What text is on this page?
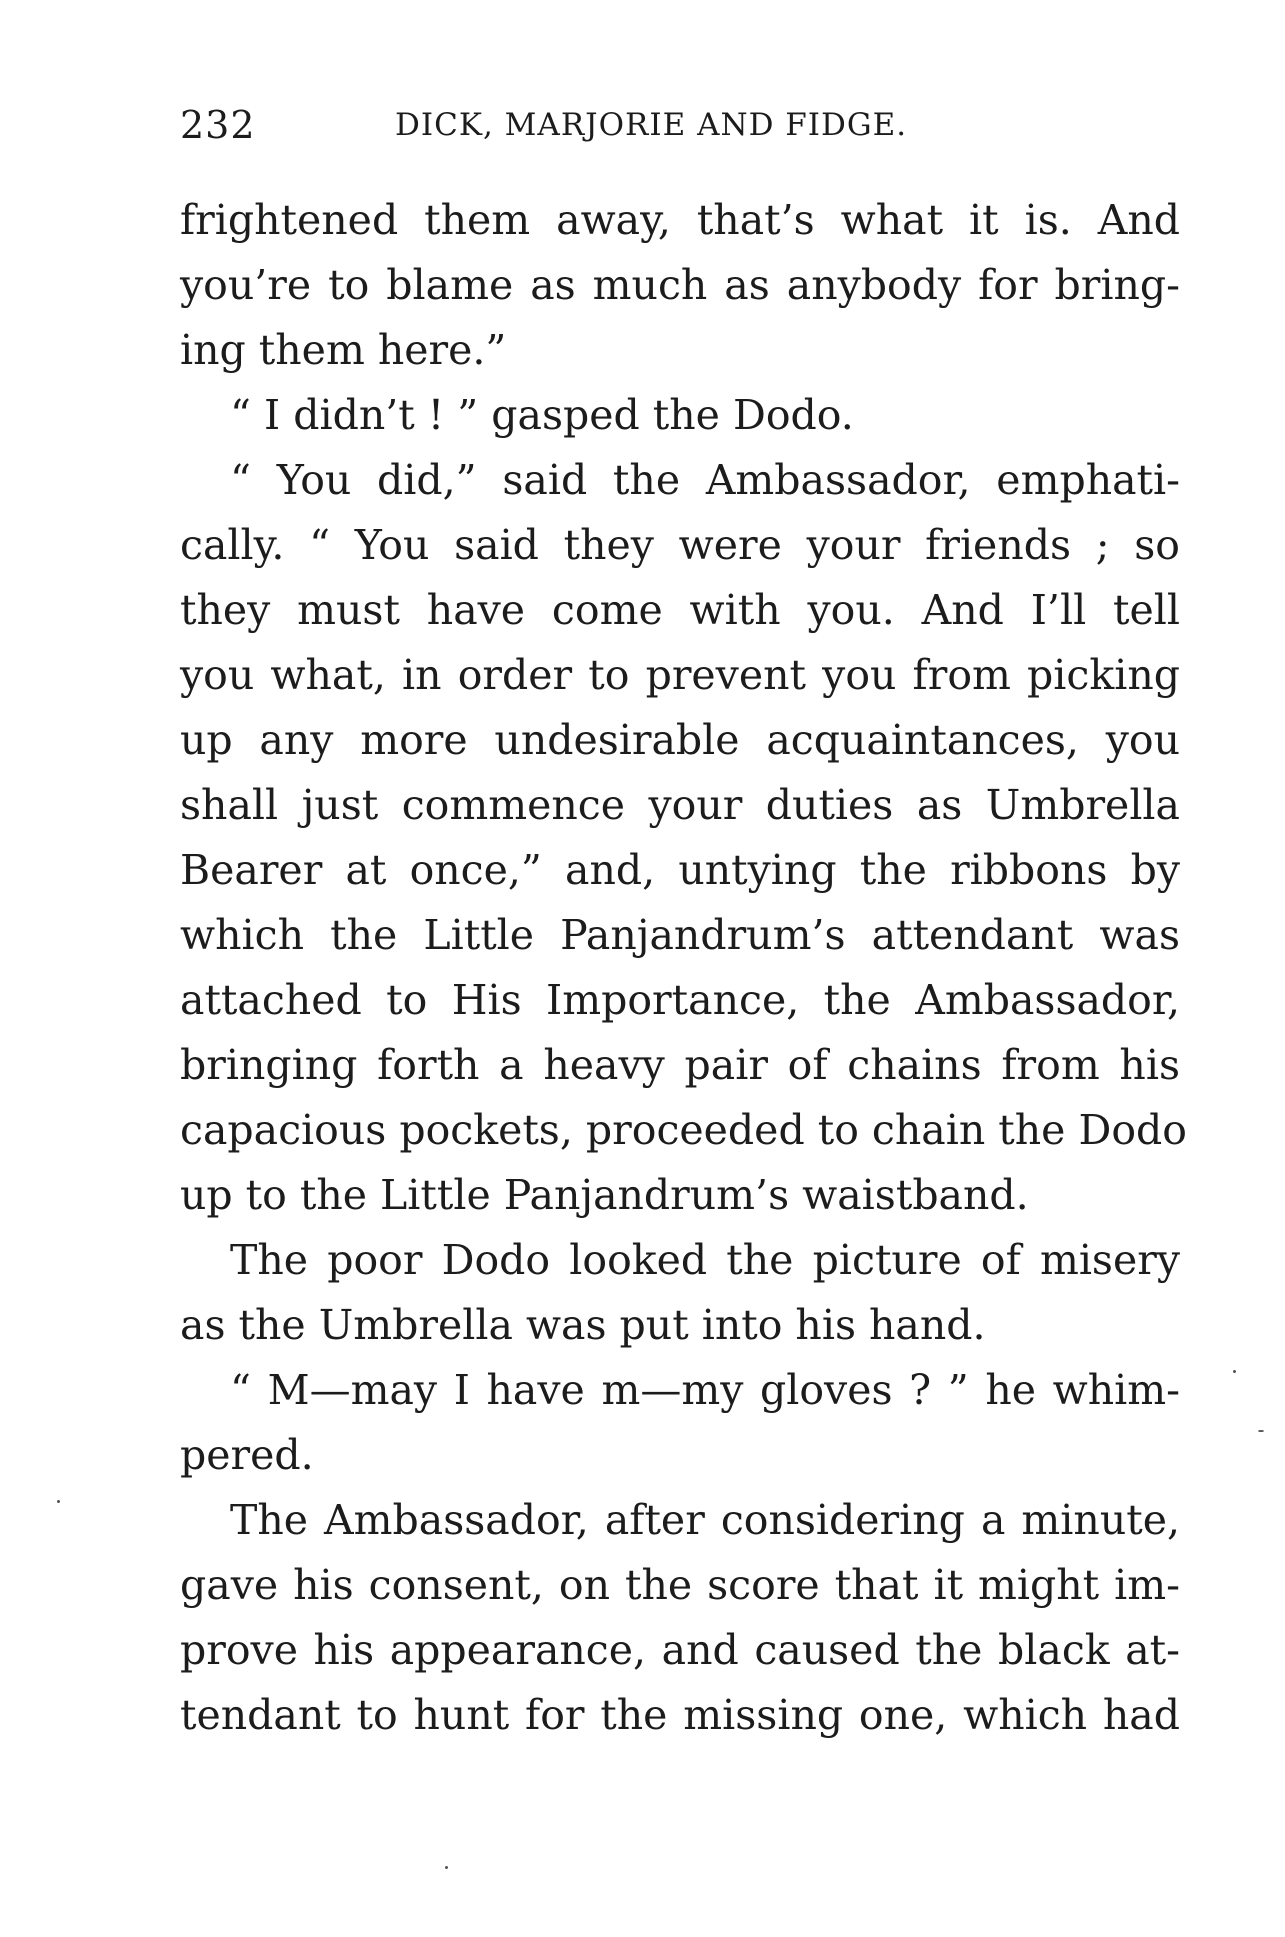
232	DICK, MARJORIE AND FIDGE.
frightened them away, that’s what it is. And
you’re to blame as much as anybody for bring-
ing them here.”
“ I didn’t ! ” gasped the Dodo.
“ You did,” said the Ambassador, emphati-
cally. “ You said they were your friends ; so
they must have come with you. And I’ll tell
you what, in order to prevent you from picking
up any more undesirable acquaintances, you
shall just commence your duties as Umbrella
Bearer at once,” and, untying the ribbons by
which the Little Panjandrum’s attendant was
attached to His Importance, the Ambassador,
bringing forth a heavy pair of chains from his
capacious pockets, proceeded to chain the Dodo
up to the Little Panjandrum’s waistband.
The poor Dodo looked the picture of misery
as the Umbrella was put into his hand.
“ M—may I have m—my gloves ? ” he whim-
pered.
The Ambassador, after considering a minute,
gave his consent, on the score that it might im-
prove his appearance, and caused the black at-
tendant to hunt for the missing one, which had
